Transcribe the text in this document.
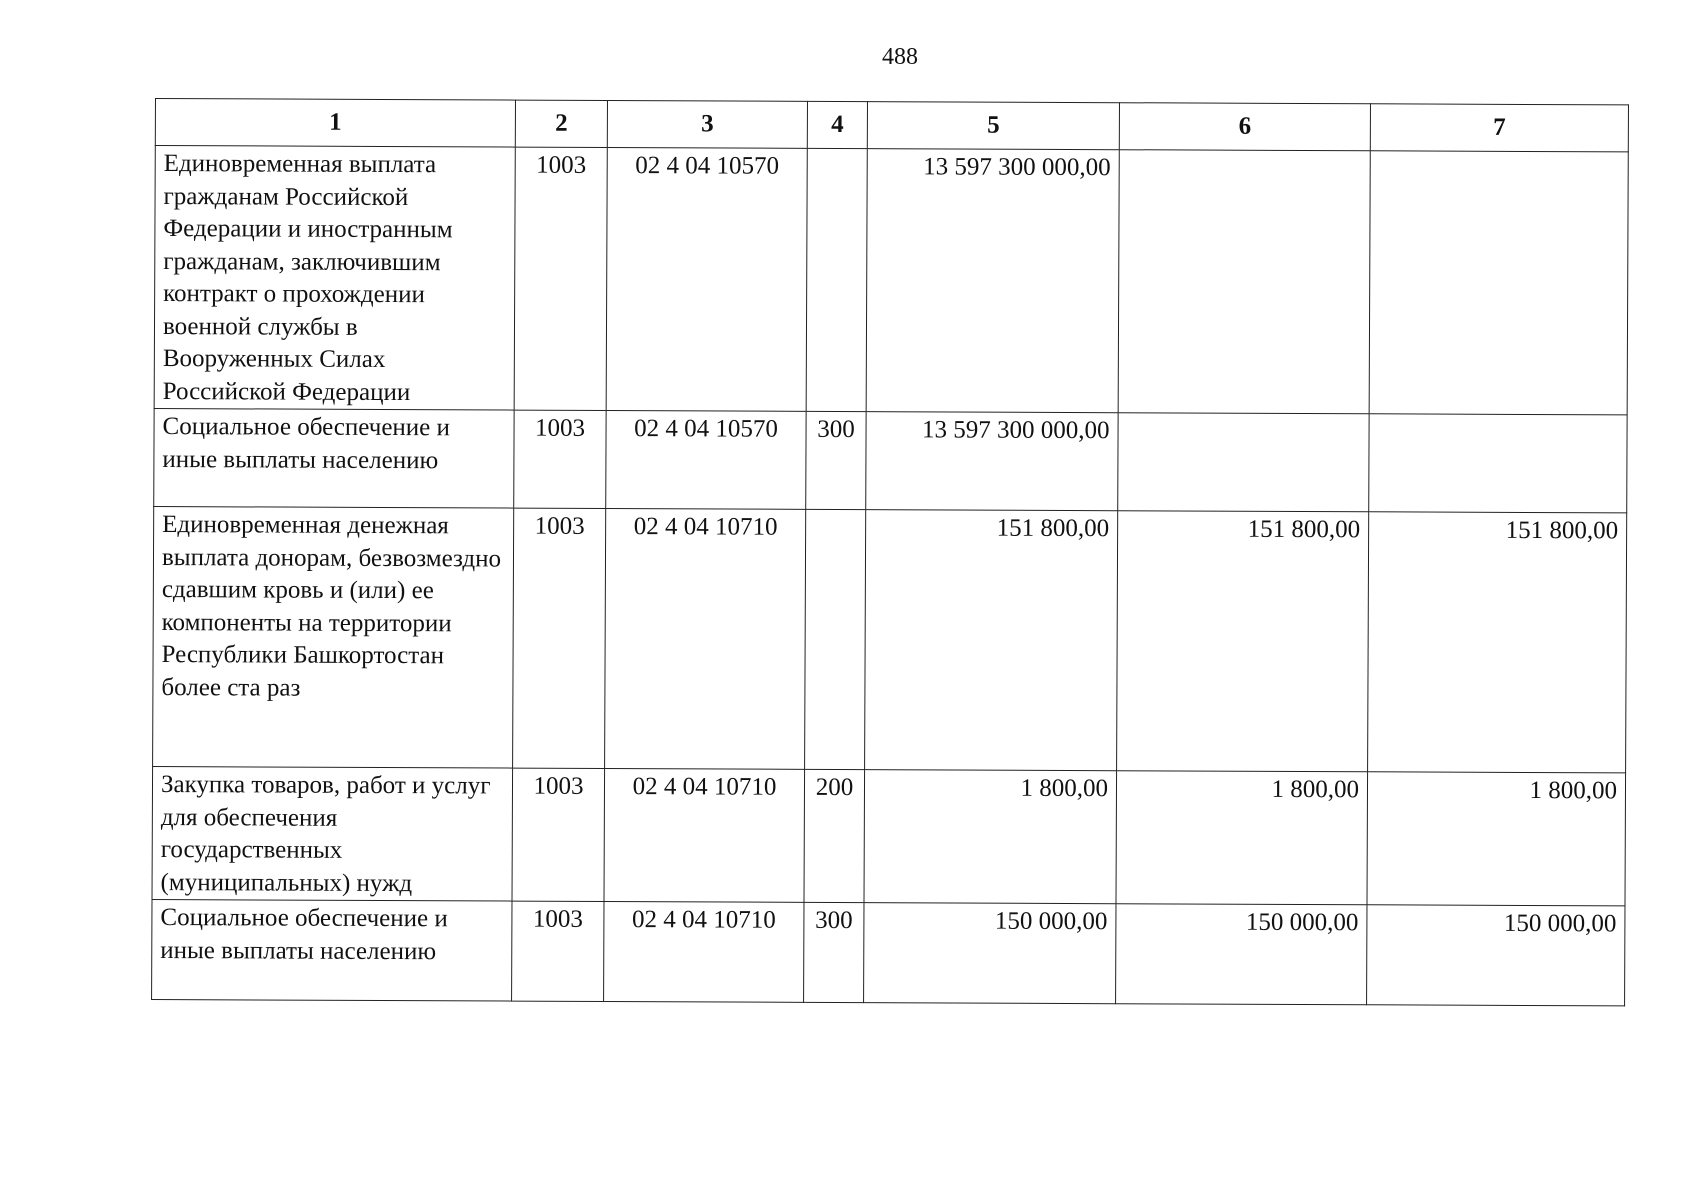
488
1	2	3	4	5	6	7
Единовременная выплата гражданам Российской Федерации и иностранным гражданам, заключившим контракт о прохождении военной службы в Вооруженных Силах Российской Федерации	1003	02 4 04 10570		13 597 300 000,00		
Социальное обеспечение и иные выплаты населению	1003	02 4 04 10570	300	13 597 300 000,00		
Единовременная денежная выплата донорам, безвозмездно сдавшим кровь и (или) ее компоненты на территории Республики Башкортостан более ста раз	1003	02 4 04 10710		151 800,00	151 800,00	151 800,00
Закупка товаров, работ и услуг для обеспечения государственных (муниципальных) нужд	1003	02 4 04 10710	200	1 800,00	1 800,00	1 800,00
Социальное обеспечение и иные выплаты населению	1003	02 4 04 10710	300	150 000,00	150 000,00	150 000,00
